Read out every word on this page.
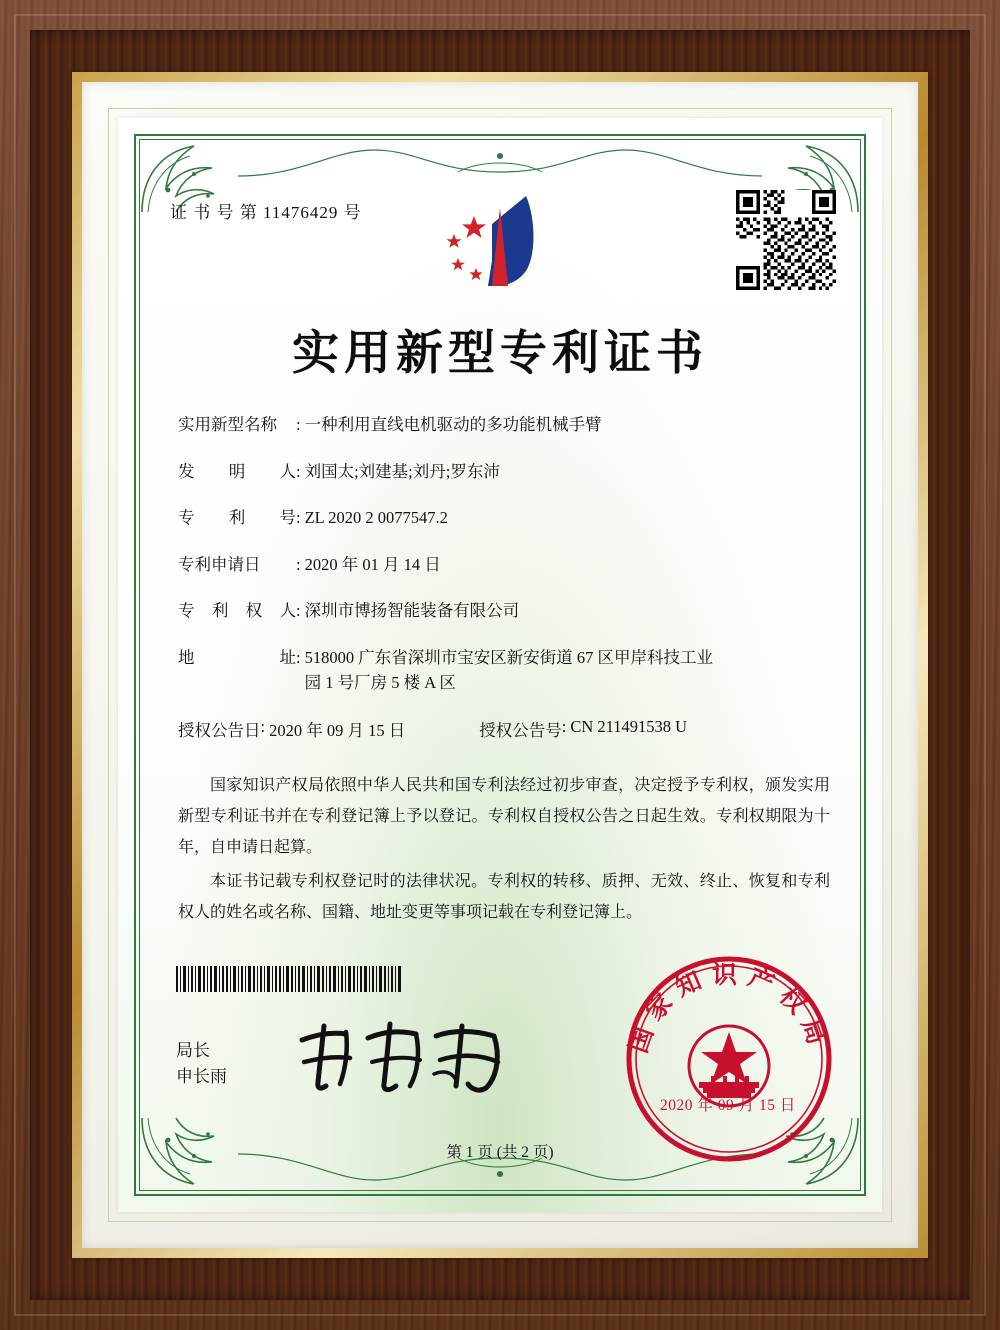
证 书 号 第 11476429 号
实用新型专利证书
实用新型名称	: 一种利用直线电机驱动的多功能机械手臂
发 明 人 : 刘国太;刘建基;刘丹;罗东沛
专 利 号 : ZL 2020 2 0077547.2
专利申请日	: 2020 年 01 月 14 日
专 利 权 人 : 深圳市博扬智能装备有限公司
地	址 : 518000 广东省深圳市宝安区新安街道 67 区甲岸科技工业
园 1 号厂房 5 楼 A 区
授权公告日 : 2020 年 09 月 15 日	授权公告号 : CN 211491538 U

国家知识产权局依照中华人民共和国专利法经过初步审查，决定授予专利权，颁发实用新型专利证书并在专利登记簿上予以登记。专利权自授权公告之日起生效。专利权期限为十年，自申请日起算。

本证书记载专利权登记时的法律状况。专利权的转移、质押、无效、终止、恢复和专利权人的姓名或名称、国籍、地址变更等事项记载在专利登记簿上。

局长
申长雨
国家知识产权局
2020 年 09 月 15 日
第 1 页 (共 2 页)
